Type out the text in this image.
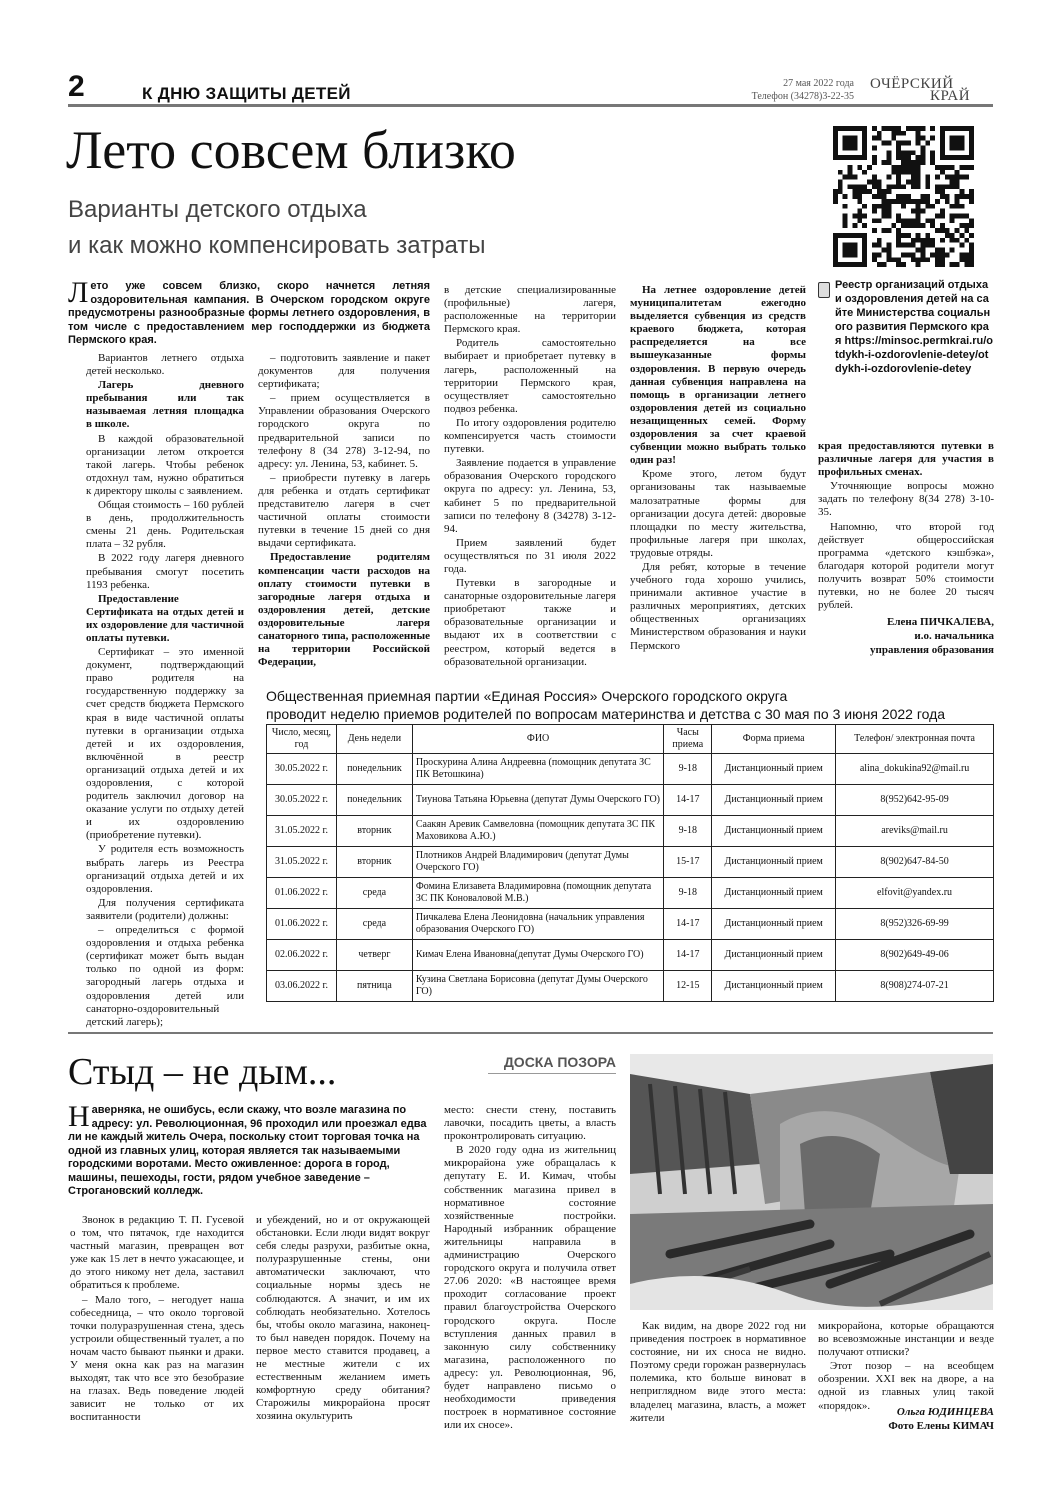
2	К ДНЮ ЗАЩИТЫ ДЕТЕЙ
27 мая 2022 года
Телефон (34278)3-22-35
ОЧЁРСКИЙ
КРАЙ
Лето совсем близко
Варианты детского отдыха
и как можно компенсировать затраты
Реестр организаций отдыха и оздоровления детей на сайте Министерства социального развития Пермского края https://minsoc.permkrai.ru/otdykh-i-ozdorovlenie-detey/otdykh-i-ozdorovlenie-detey
Лето уже совсем близко, скоро начнется летняя оздоровительная кампания. В Очерском городском округе предусмотрены разнообразные формы летнего оздоровления, в том числе с предоставлением мер господдержки из бюджета Пермского края.

Вариантов летнего отдыха детей несколько.

Лагерь дневного пребывания или так называемая летняя площадка в школе.

В каждой образовательной организации летом откроется такой лагерь. Чтобы ребенок отдохнул там, нужно обратиться к директору школы с заявлением.

Общая стоимость – 160 рублей в день, продолжительность смены 21 день. Родительская плата – 32 рубля.

В 2022 году лагеря дневного пребывания смогут посетить 1193 ребенка.

Предоставление Сертификата на отдых детей и их оздоровление для частичной оплаты путевки.

Сертификат – это именной документ, подтверждающий право родителя на государственную поддержку за счет средств бюджета Пермского края в виде частичной оплаты путевки в организации отдыха детей и их оздоровления, включённой в реестр организаций отдыха детей и их оздоровления, с которой родитель заключил договор на оказание услуги по отдыху детей и их оздоровлению (приобретение путевки).

У родителя есть возможность выбрать лагерь из Реестра организаций отдыха детей и их оздоровления.

Для получения сертификата заявители (родители) должны:

– определиться с формой оздоровления и отдыха ребенка (сертификат может быть выдан только по одной из форм: загородный лагерь отдыха и оздоровления детей или санаторно-оздоровительный детский лагерь);

– подготовить заявление и пакет документов для получения сертификата;

– прием осуществляется в Управлении образования Очерского городского округа по предварительной записи по телефону 8 (34 278) 3-12-94, по адресу: ул. Ленина, 53, кабинет. 5.

– приобрести путевку в лагерь для ребенка и отдать сертификат представителю лагеря в счет частичной оплаты стоимости путевки в течение 15 дней со дня выдачи сертификата.

Предоставление родителям компенсации части расходов на оплату стоимости путевки в загородные лагеря отдыха и оздоровления детей, детские оздоровительные лагеря санаторного типа, расположенные на территории Российской Федерации,

в детские специализированные (профильные) лагеря, расположенные на территории Пермского края.

Родитель самостоятельно выбирает и приобретает путевку в лагерь, расположенный на территории Пермского края, осуществляет самостоятельно подвоз ребенка.

По итогу оздоровления родителю компенсируется часть стоимости путевки.

Заявление подается в управление образования Очерского городского округа по адресу: ул. Ленина, 53, кабинет 5 по предварительной записи по телефону 8 (34278) 3-12-94.

Прием заявлений будет осуществляться по 31 июля 2022 года.

Путевки в загородные и санаторные оздоровительные лагеря приобретают также и образовательные организации и выдают их в соответствии с реестром, который ведется в образовательной организации.

На летнее оздоровление детей муниципалитетам ежегодно выделяется субвенция из средств краевого бюджета, которая распределяется на все вышеуказанные формы оздоровления. В первую очередь данная субвенция направлена на помощь в организации летнего оздоровления детей из социально незащищенных семей. Форму оздоровления за счет краевой субвенции можно выбрать только один раз!

Кроме этого, летом будут организованы так называемые малозатратные формы для организации досуга детей: дворовые площадки по месту жительства, профильные лагеря при школах, трудовые отряды.

Для ребят, которые в течение учебного года хорошо учились, принимали активное участие в различных мероприятиях, детских общественных организациях Министерством образования и науки Пермского

края предоставляются путевки в различные лагеря для участия в профильных сменах.

Уточняющие вопросы можно задать по телефону 8(34 278) 3-10-35.

Напомню, что второй год действует общероссийская программа «детского кэшбэка», благодаря которой родители могут получить возврат 50% стоимости путевки, но не более 20 тысяч рублей.

Елена ПИЧКАЛЕВА,
и.о. начальника
управления образования
Общественная приемная партии «Единая Россия» Очерского городского округа
проводит неделю приемов родителей по вопросам материнства и детства с 30 мая по 3 июня 2022 года
Число, месяц, год	День недели	ФИО	Часы приема	Форма приема	Телефон/ электронная почта
30.05.2022 г.	понедельник	Проскурина Алина Андреевна (помощник депутата ЗС ПК Ветошкина)	9-18	Дистанционный прием	alina_dokukina92@mail.ru
30.05.2022 г.	понедельник	Тиунова Татьяна Юрьевна (депутат Думы Очерского ГО)	14-17	Дистанционный прием	8(952)642-95-09
31.05.2022 г.	вторник	Саакян Аревик Самвеловна (помощник депутата ЗС ПК Маховикова А.Ю.)	9-18	Дистанционный прием	areviks@mail.ru
31.05.2022 г.	вторник	Плотников Андрей Владимирович (депутат Думы Очерского ГО)	15-17	Дистанционный прием	8(902)647-84-50
01.06.2022 г.	среда	Фомина Елизавета Владимировна (помощник депутата ЗС ПК Коноваловой М.В.)	9-18	Дистанционный прием	elfovit@yandex.ru
01.06.2022 г.	среда	Пичкалева Елена Леонидовна (начальник управления образования Очерского ГО)	14-17	Дистанционный прием	8(952)326-69-99
02.06.2022 г.	четверг	Кимач Елена Ивановна(депутат Думы Очерского ГО)	14-17	Дистанционный прием	8(902)649-49-06
03.06.2022 г.	пятница	Кузина Светлана Борисовна (депутат Думы Очерского ГО)	12-15	Дистанционный прием	8(908)274-07-21
Стыд – не дым...	ДОСКА ПОЗОРА
Наверняка, не ошибусь, если скажу, что возле магазина по адресу: ул. Революционная, 96 проходил или проезжал едва ли не каждый житель Очера, поскольку стоит торговая точка на одной из главных улиц, которая является так называемыми городскими воротами. Место оживленное: дорога в город, машины, пешеходы, гости, рядом учебное заведение – Строгановский колледж.

Звонок в редакцию Т. П. Гусевой о том, что пятачок, где находится частный магазин, превращен вот уже как 15 лет в нечто ужасающее, и до этого никому нет дела, заставил обратиться к проблеме.

– Мало того, – негодует наша собеседница, – что около торговой точки полуразрушенная стена, здесь устроили общественный туалет, а по ночам часто бывают пьянки и драки. У меня окна как раз на магазин выходят, так что все это безобразие на глазах. Ведь поведение людей зависит не только от их воспитанности

и убеждений, но и от окружающей обстановки. Если люди видят вокруг себя следы разрухи, разбитые окна, полуразрушенные стены, они автоматически заключают, что социальные нормы здесь не соблюдаются. А значит, и им их соблюдать необязательно. Хотелось бы, чтобы около магазина, наконец-то был наведен порядок. Почему на первое место ставится продавец, а не местные жители с их естественным желанием иметь комфортную среду обитания? Старожилы микрорайона просят хозяина окультурить

место: снести стену, поставить лавочки, посадить цветы, а власть проконтролировать ситуацию.

В 2020 году одна из жительниц микрорайона уже обращалась к депутату Е. И. Кимач, чтобы собственник магазина привел в нормативное состояние хозяйственные постройки. Народный избранник обращение жительницы направила в администрацию Очерского городского округа и получила ответ 27.06 2020: «В настоящее время проходит согласование проект правил благоустройства Очерского городского округа. После вступления данных правил в законную силу собственнику магазина, расположенного по адресу: ул. Революционная, 96, будет направлено письмо о необходимости приведения построек в нормативное состояние или их сносе».

Как видим, на дворе 2022 год ни приведения построек в нормативное состояние, ни их сноса не видно. Поэтому среди горожан развернулась полемика, кто больше виноват в неприглядном виде этого места: владелец магазина, власть, а может жители

микрорайона, которые обращаются во всевозможные инстанции и везде получают отписки?

Этот позор – на всеобщем обозрении. XXI век на дворе, а на одной из главных улиц такой «порядок».

Ольга ЮДИНЦЕВА
Фото Елены КИМАЧ
